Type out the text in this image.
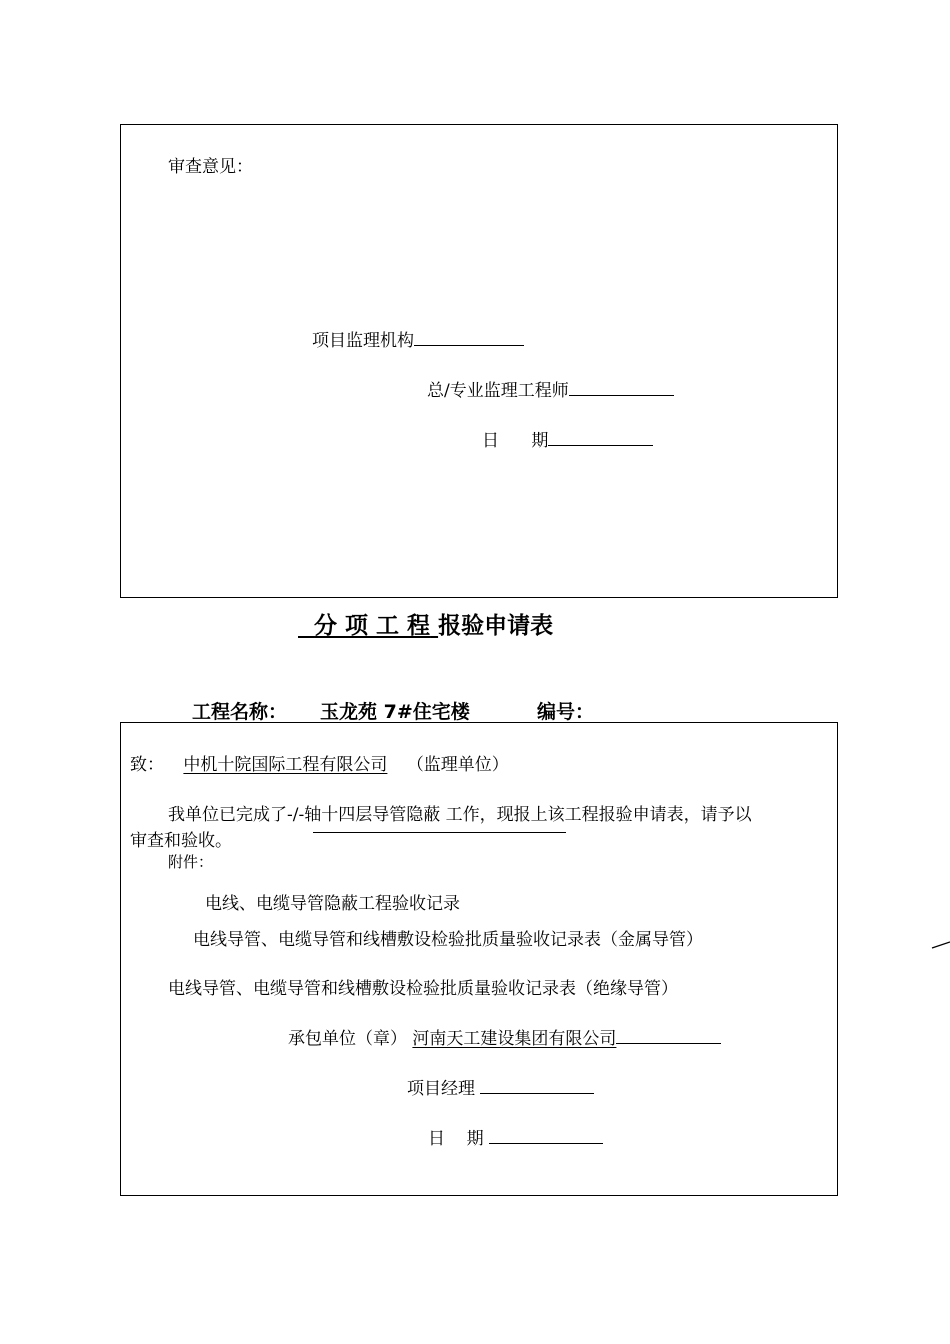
审查意见：
项目监理机构
总/专业监理工程师
日      期
分 项 工 程 报验申请表
工程名称： 玉龙苑 7#住宅楼	编号：
致： 中机十院国际工程有限公司 （监理单位）
我单位已完成了-/-轴十四层导管隐蔽 工作，现报上该工程报验申请表，请予以
审查和验收。
附件：
电线、电缆导管隐蔽工程验收记录
电线导管、电缆导管和线槽敷设检验批质量验收记录表（金属导管）
电线导管、电缆导管和线槽敷设检验批质量验收记录表（绝缘导管）
承包单位（章） 河南天工建设集团有限公司
项目经理
日    期
